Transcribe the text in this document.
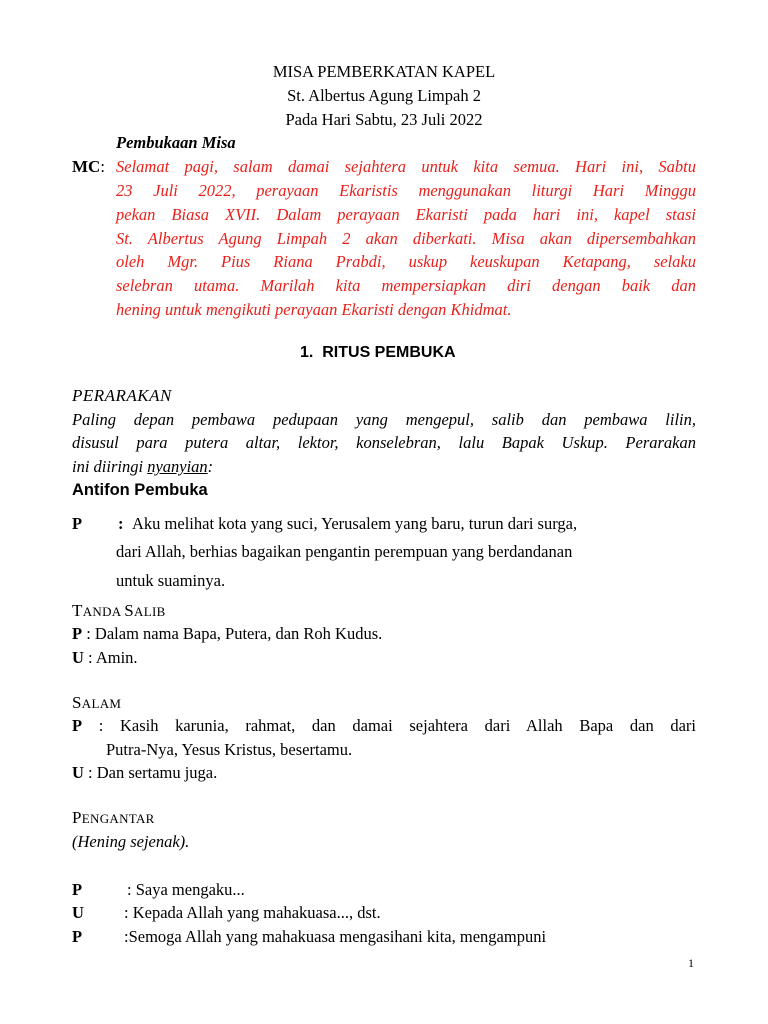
MISA PEMBERKATAN KAPEL
St. Albertus Agung Limpah 2
Pada Hari Sabtu, 23 Juli 2022
Pembukaan Misa
MC: Selamat pagi, salam damai sejahtera untuk kita semua. Hari ini, Sabtu
23 Juli 2022, perayaan Ekaristis menggunakan liturgi Hari Minggu
pekan Biasa XVII. Dalam perayaan Ekaristi pada hari ini, kapel stasi
St. Albertus Agung Limpah 2 akan diberkati. Misa akan dipersembahkan
oleh Mgr. Pius Riana Prabdi, uskup keuskupan Ketapang, selaku
selebran utama. Marilah kita mempersiapkan diri dengan baik dan
hening untuk mengikuti perayaan Ekaristi dengan Khidmat.
1. RITUS PEMBUKA
PERARAKAN
Paling depan pembawa pedupaan yang mengepul, salib dan pembawa lilin,
disusul para putera altar, lektor, konselebran, lalu Bapak Uskup. Perarakan
ini diiringi nyanyian:
Antifon Pembuka
P : Aku melihat kota yang suci, Yerusalem yang baru, turun dari surga,
dari Allah, berhias bagaikan pengantin perempuan yang berdandanan
untuk suaminya.
TANDA SALIB
P : Dalam nama Bapa, Putera, dan Roh Kudus.
U : Amin.
SALAM
P : Kasih karunia, rahmat, dan damai sejahtera dari Allah Bapa dan dari
Putra-Nya, Yesus Kristus, besertamu.
U : Dan sertamu juga.
PENGANTAR
(Hening sejenak).
P	: Saya mengaku...
U : Kepada Allah yang mahakuasa..., dst.
P	:Semoga Allah yang mahakuasa mengasihani kita, mengampuni
1
